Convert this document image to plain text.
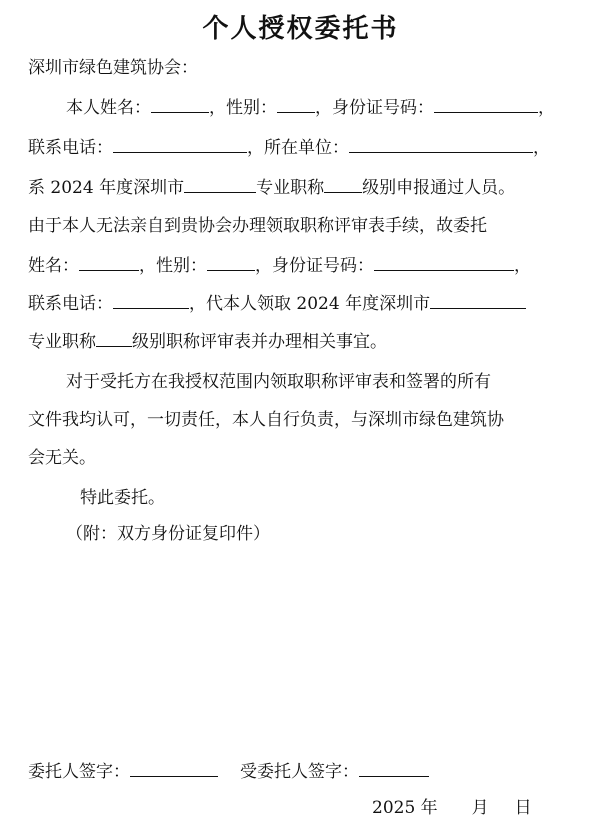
个人授权委托书
深圳市绿色建筑协会：
本人姓名：	，性别： ，身份证号码：	，
联系电话：	，所在单位：	，
系 2024 年度深圳市	专业职称 级别申报通过人员。
由于本人无法亲自到贵协会办理领取职称评审表手续，故委托
姓名：	，性别：	，身份证号码：	，
联系电话：	，代本人领取 2024 年度深圳市
专业职称 级别职称评审表并办理相关事宜。
对于受托方在我授权范围内领取职称评审表和签署的所有
文件我均认可，一切责任，本人自行负责，与深圳市绿色建筑协
会无关。
特此委托。
（附：双方身份证复印件）
委托人签字：	受委托人签字：
2025 年 月 日
